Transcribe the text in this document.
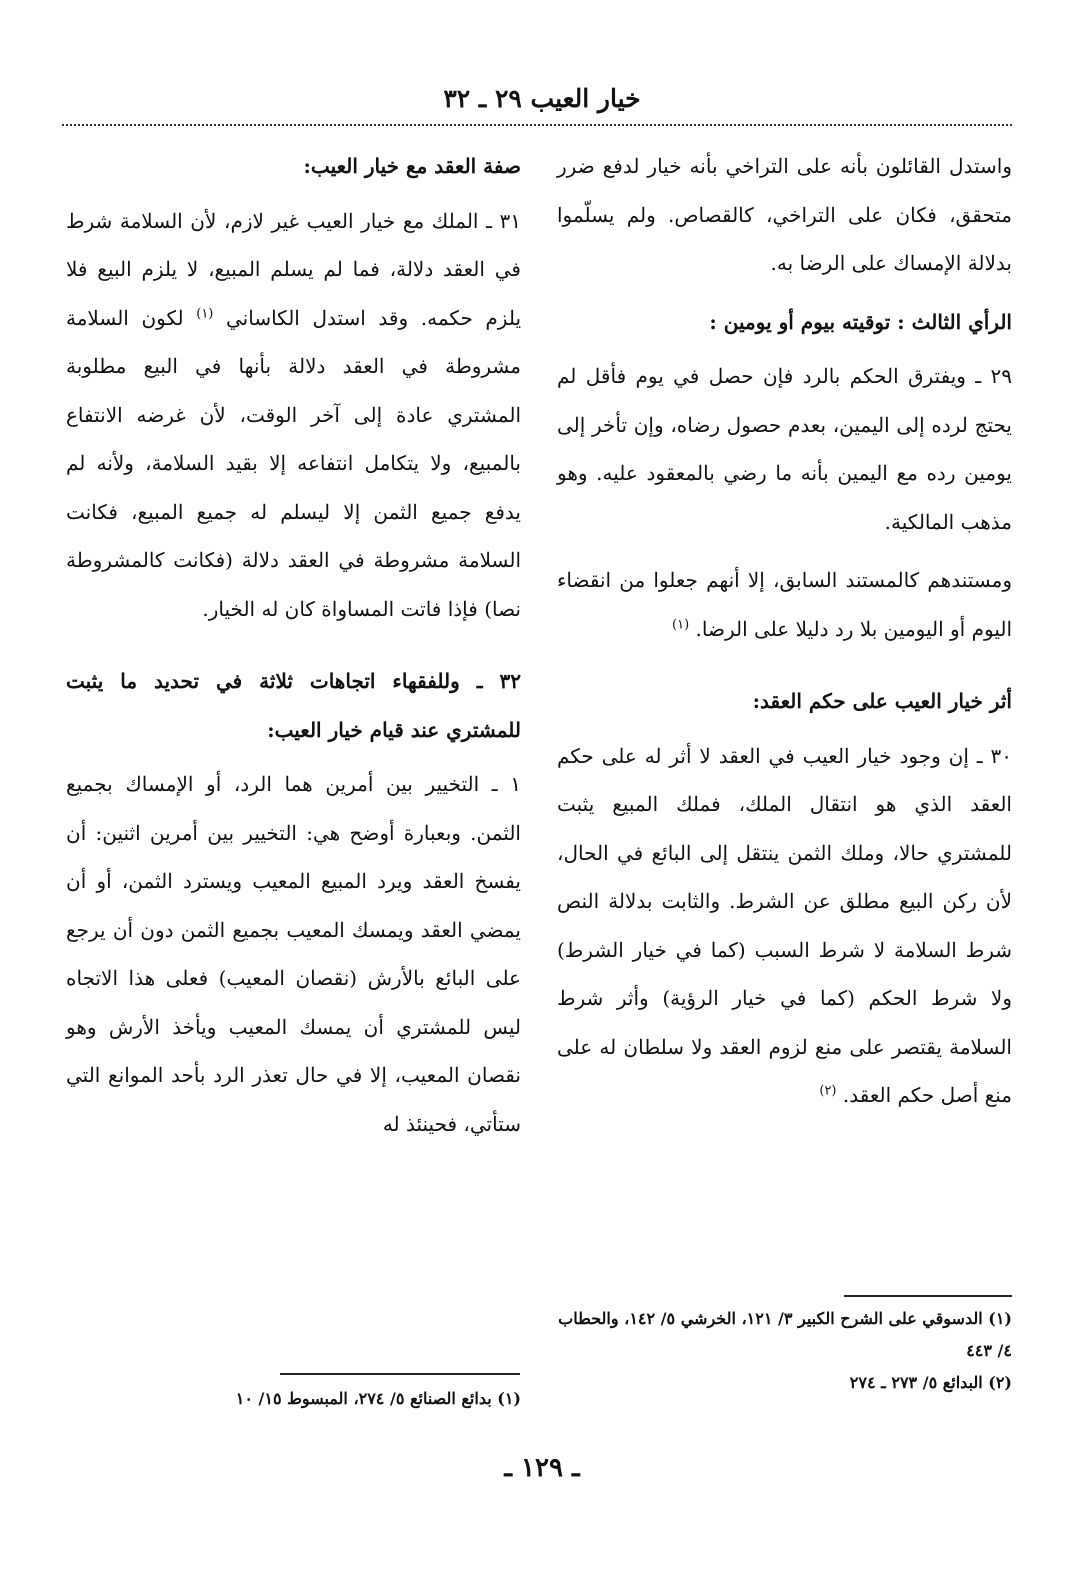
خيار العيب ٢٩ ـ ٣٢

واستدل القائلون بأنه على التراخي بأنه خيار لدفع ضرر متحقق، فكان على التراخي، كالقصاص. ولم يسلّموا بدلالة الإمساك على الرضا به.

الرأي الثالث : توقيته بيوم أو يومين :

٢٩ ـ ويفترق الحكم بالرد فإن حصل في يوم فأقل لم يحتج لرده إلى اليمين، بعدم حصول رضاه، وإن تأخر إلى يومين رده مع اليمين بأنه ما رضي بالمعقود عليه. وهو مذهب المالكية.

ومستندهم كالمستند السابق، إلا أنهم جعلوا من انقضاء اليوم أو اليومين بلا رد دليلا على الرضا. $^{(١)}$

أثر خيار العيب على حكم العقد:

٣٠ ـ إن وجود خيار العيب في العقد لا أثر له على حكم العقد الذي هو انتقال الملك، فملك المبيع يثبت للمشتري حالا، وملك الثمن ينتقل إلى البائع في الحال، لأن ركن البيع مطلق عن الشرط. والثابت بدلالة النص شرط السلامة لا شرط السبب (كما في خيار الشرط) ولا شرط الحكم (كما في خيار الرؤية) وأثر شرط السلامة يقتصر على منع لزوم العقد ولا سلطان له على منع أصل حكم العقد. $^{(٢)}$

(١) الدسوقي على الشرح الكبير ٣/ ١٢١، الخرشي ٥/ ١٤٢، والحطاب ٤/ ٤٤٣
(٢) البدائع ٥/ ٢٧٣ ـ ٢٧٤

صفة العقد مع خيار العيب:

٣١ ـ الملك مع خيار العيب غير لازم، لأن السلامة شرط في العقد دلالة، فما لم يسلم المبيع، لا يلزم البيع فلا يلزم حكمه. وقد استدل الكاساني $^{(١)}$ لكون السلامة مشروطة في العقد دلالة بأنها في البيع مطلوبة المشتري عادة إلى آخر الوقت، لأن غرضه الانتفاع بالمبيع، ولا يتكامل انتفاعه إلا بقيد السلامة، ولأنه لم يدفع جميع الثمن إلا ليسلم له جميع المبيع، فكانت السلامة مشروطة في العقد دلالة (فكانت كالمشروطة نصا) فإذا فاتت المساواة كان له الخيار.

٣٢ ـ وللفقهاء اتجاهات ثلاثة في تحديد ما يثبت للمشتري عند قيام خيار العيب:

١ ـ التخيير بين أمرين هما الرد، أو الإمساك بجميع الثمن. وبعبارة أوضح هي: التخيير بين أمرين اثنين: أن يفسخ العقد ويرد المبيع المعيب ويسترد الثمن، أو أن يمضي العقد ويمسك المعيب بجميع الثمن دون أن يرجع على البائع بالأرش (نقصان المعيب) فعلى هذا الاتجاه ليس للمشتري أن يمسك المعيب ويأخذ الأرش وهو نقصان المعيب، إلا في حال تعذر الرد بأحد الموانع التي ستأتي، فحينئذ له

(١) بدائع الصنائع ٥/ ٢٧٤، المبسوط ١٥/ ١٠
ـ ١٢٩ ـ
